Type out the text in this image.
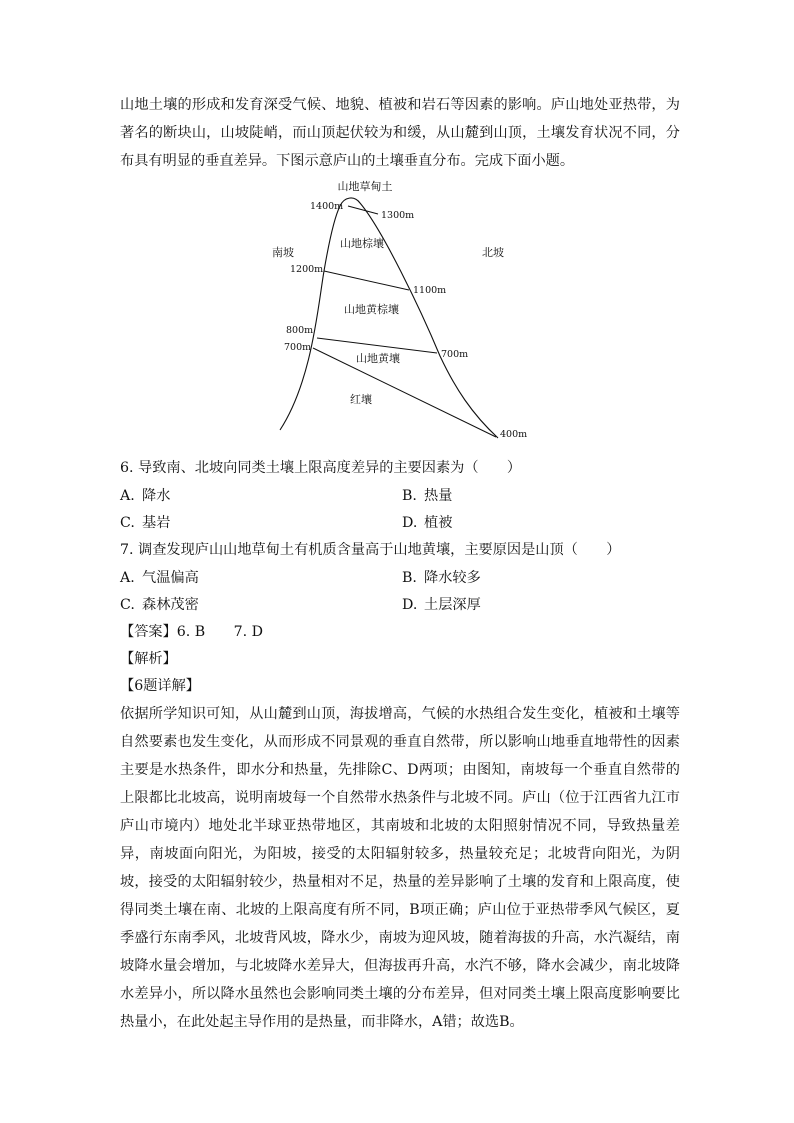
山地土壤的形成和发育深受气候、地貌、植被和岩石等因素的影响。庐山地处亚热带，为著名的断块山，山坡陡峭，而山顶起伏较为和缓，从山麓到山顶，土壤发育状况不同，分布具有明显的垂直差异。下图示意庐山的土壤垂直分布。完成下面小题。
山地草甸土
南坡	北坡
山地棕壤
山地黄棕壤
山地黄壤
红壤
1400m
1200m
800m
700m
1300m
1100m
700m
400m
6. 导致南、北坡向同类土壤上限高度差异的主要因素为（　　）
A. 降水	B. 热量
C. 基岩	D. 植被
7. 调查发现庐山山地草甸土有机质含量高于山地黄壤，主要原因是山顶（　　）
A. 气温偏高	B. 降水较多
C. 森林茂密	D. 土层深厚
【答案】6. B　　7. D
【解析】
【6题详解】
依据所学知识可知，从山麓到山顶，海拔增高，气候的水热组合发生变化，植被和土壤等自然要素也发生变化，从而形成不同景观的垂直自然带，所以影响山地垂直地带性的因素主要是水热条件，即水分和热量，先排除C、D两项；由图知，南坡每一个垂直自然带的上限都比北坡高，说明南坡每一个自然带水热条件与北坡不同。庐山（位于江西省九江市庐山市境内）地处北半球亚热带地区，其南坡和北坡的太阳照射情况不同，导致热量差异，南坡面向阳光，为阳坡，接受的太阳辐射较多，热量较充足；北坡背向阳光，为阴坡，接受的太阳辐射较少，热量相对不足，热量的差异影响了土壤的发育和上限高度，使得同类土壤在南、北坡的上限高度有所不同，B项正确；庐山位于亚热带季风气候区，夏季盛行东南季风，北坡背风坡，降水少，南坡为迎风坡，随着海拔的升高，水汽凝结，南坡降水量会增加，与北坡降水差异大，但海拔再升高，水汽不够，降水会减少，南北坡降水差异小，所以降水虽然也会影响同类土壤的分布差异，但对同类土壤上限高度影响要比热量小，在此处起主导作用的是热量，而非降水，A错；故选B。
